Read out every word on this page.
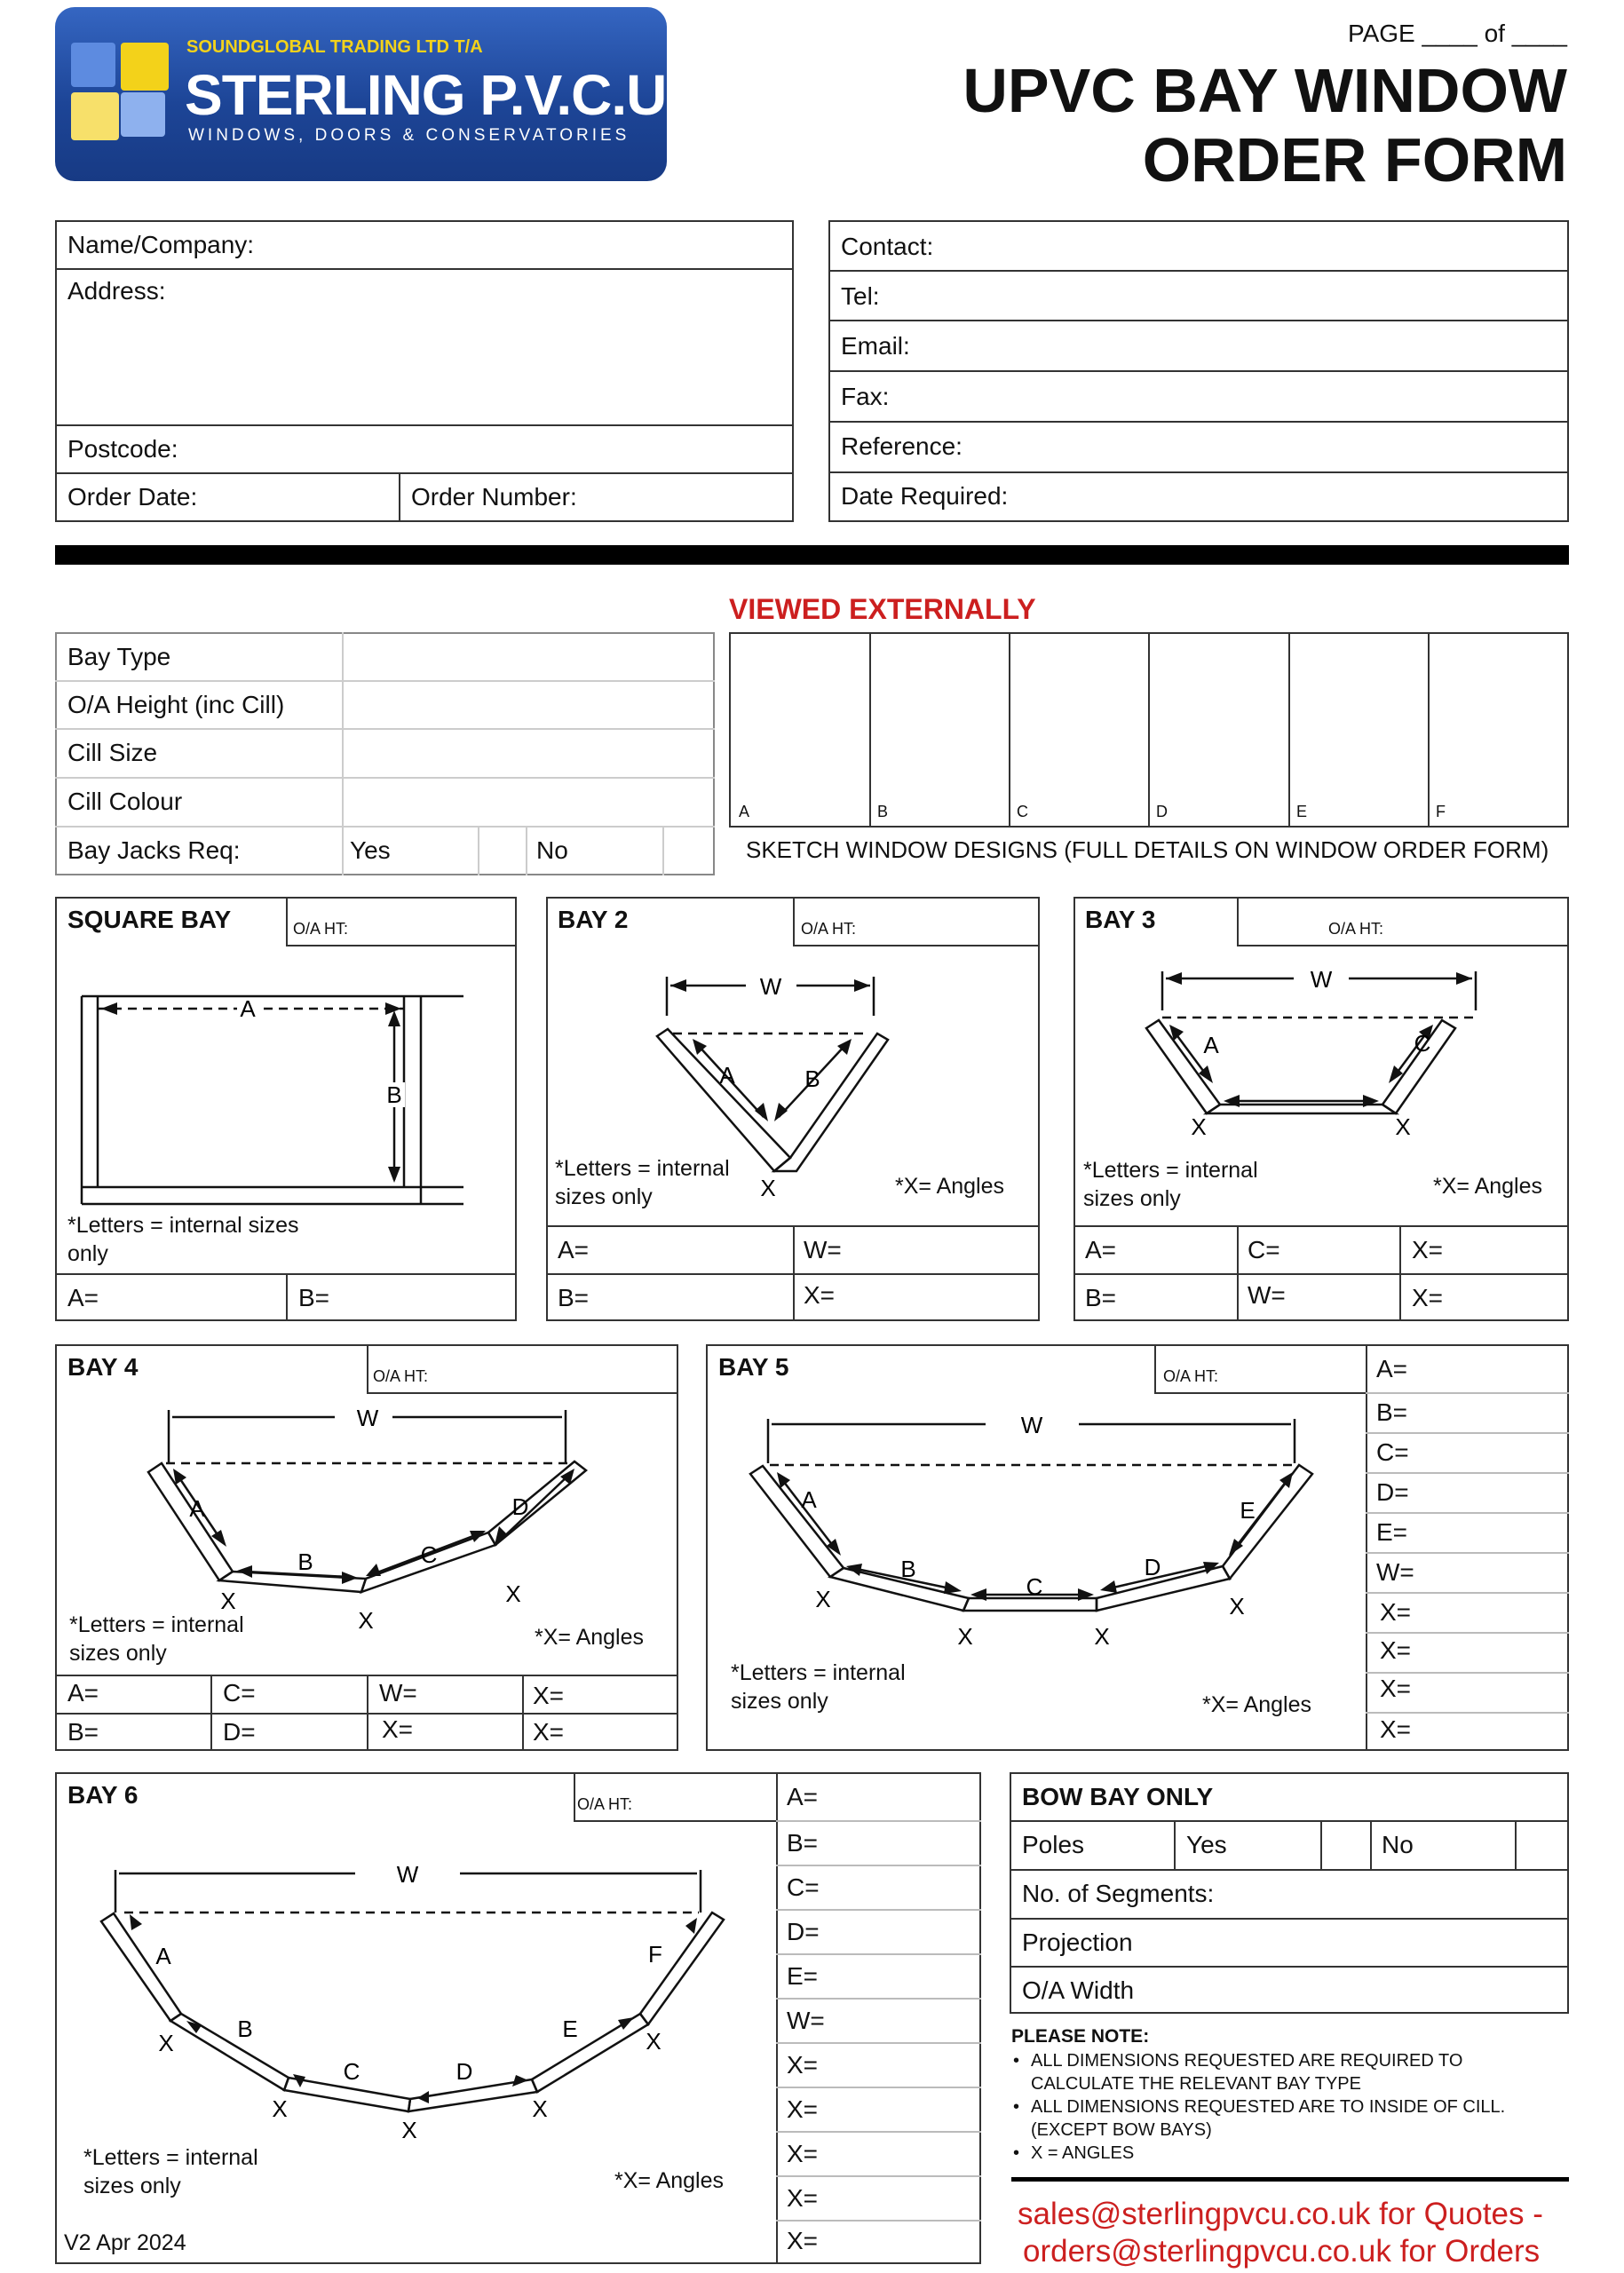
SOUNDGLOBAL TRADING LTD T/A
STERLING P.V.C.U
WINDOWS, DOORS & CONSERVATORIES
PAGE ____ of ____
UPVC BAY WINDOW
ORDER FORM
Name/Company:
Address:
Postcode:
Order Date:	Order Number:
Contact:
Tel:
Email:
Fax:
Reference:
Date Required:
Bay Type
O/A Height (inc Cill)
Cill Size
Cill Colour
Bay Jacks Req:	Yes	No
VIEWED EXTERNALLY
A	B	C	D	E	F
SKETCH WINDOW DESIGNS (FULL DETAILS ON WINDOW ORDER FORM)
SQUARE BAY	O/A HT:
A
B
*Letters = internal sizes
only
A=	B=
BAY 2	O/A HT:
W
A	B
X
*Letters = internal
sizes only	*X= Angles
A=	W=
B=	X=
BAY 3	O/A HT:
W
A	C
X	X
*Letters = internal
sizes only	*X= Angles
A=	C=	X=
B=	W=	X=
BAY 4	O/A HT:
W
A
B	C
D
X
X
X
*Letters = internal
sizes only
*X= Angles
A=	C=	W=	X=
B=	D=	X=	X=
BAY 5	O/A HT:
W
A
B
C
D
E
X
X	X
X
*Letters = internal
sizes only	*X= Angles
A=
B=
C=
D=
E=
W=
X=
X=
X=
X=
BAY 6	O/A HT:
W
A
B
C	D
E
F
X
X
X
X
X
*Letters = internal
sizes only	*X= Angles
V2 Apr 2024
A=
B=
C=
D=
E=
W=
X=
X=
X=
X=
X=
BOW BAY ONLY
Poles	Yes	No
No. of Segments:
Projection
O/A Width
PLEASE NOTE:
• ALL DIMENSIONS REQUESTED ARE REQUIRED TO CALCULATE THE RELEVANT BAY TYPE
• ALL DIMENSIONS REQUESTED ARE TO INSIDE OF CILL. (EXCEPT BOW BAYS)
• X = ANGLES
sales@sterlingpvcu.co.uk for Quotes -
orders@sterlingpvcu.co.uk for Orders
